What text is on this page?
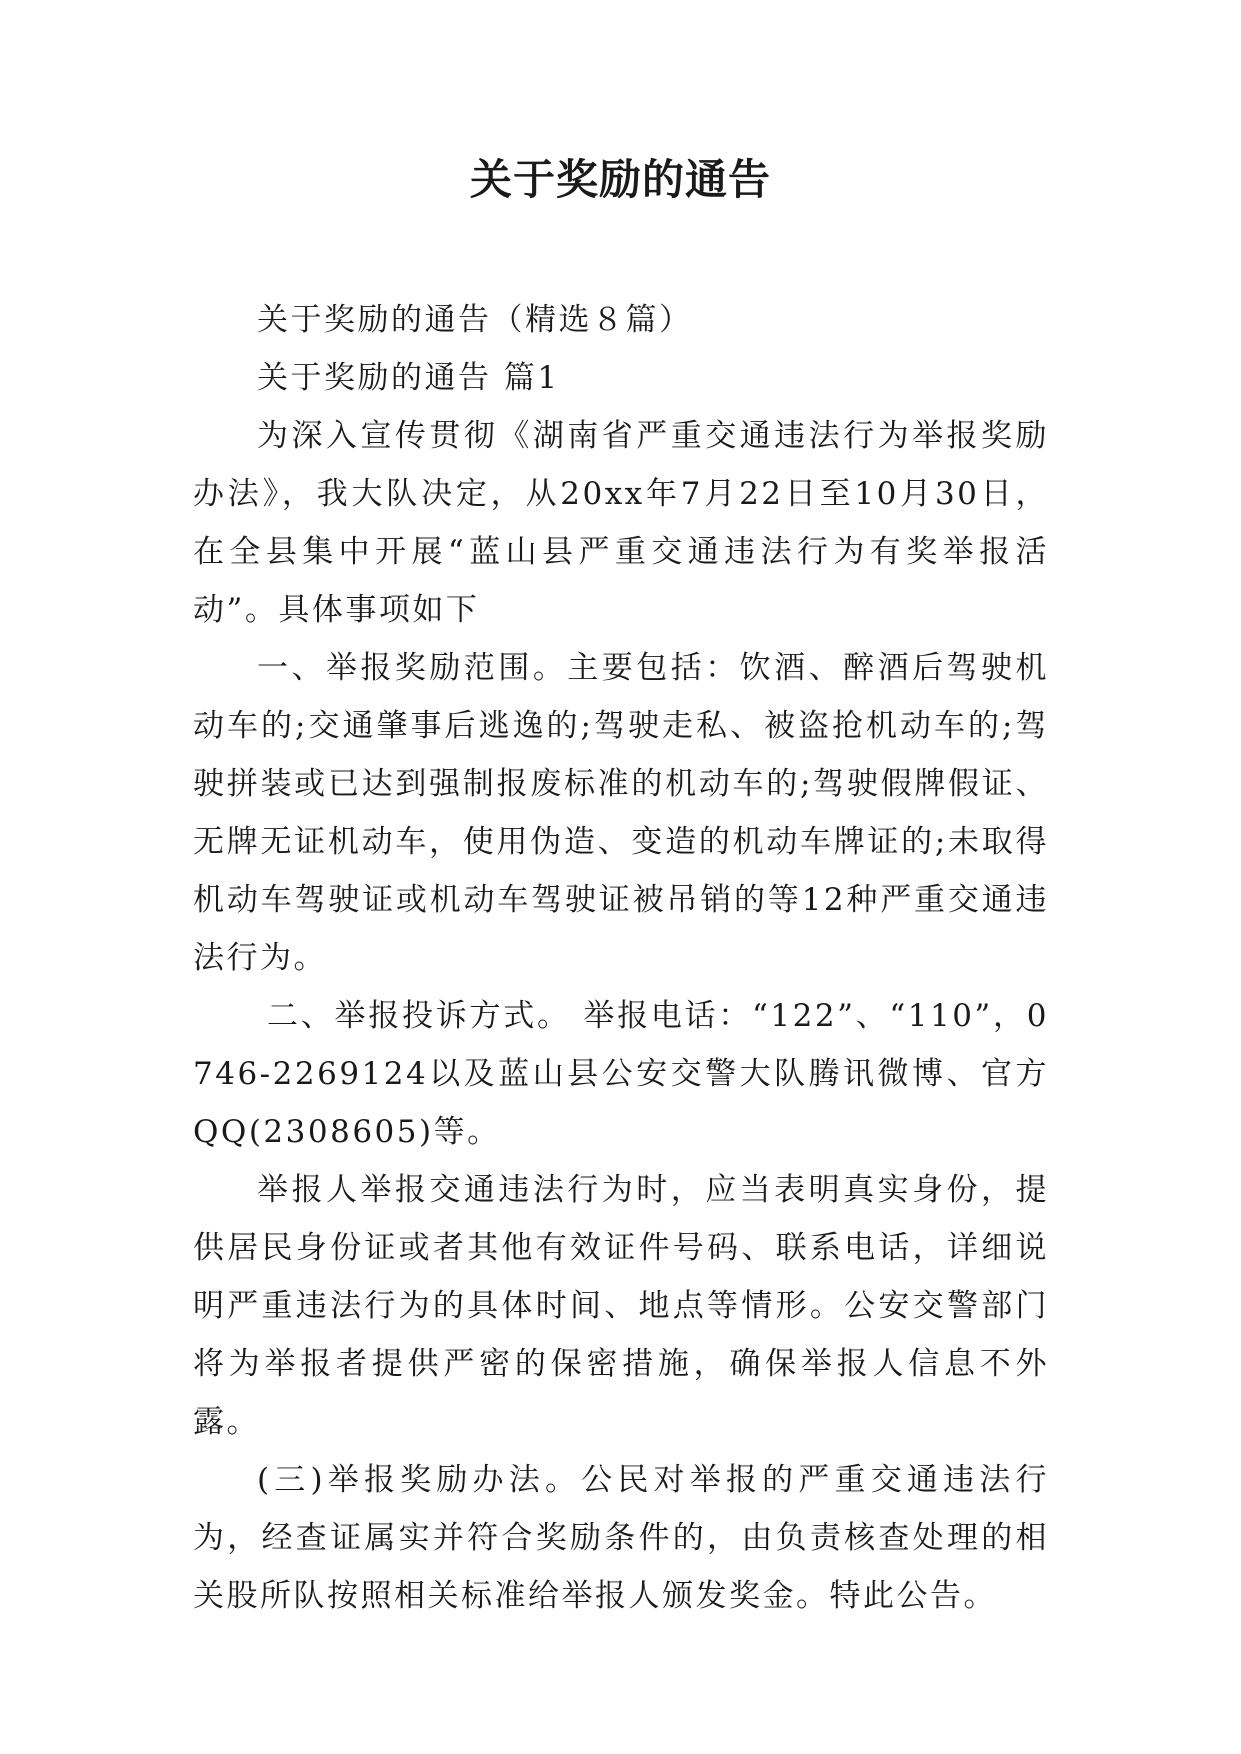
关于奖励的通告

关于奖励的通告（精选８篇）

关于奖励的通告 篇1

为深入宣传贯彻《湖南省严重交通违法行为举报奖励办法》，我大队决定，从20xx年7月22日至10月30日，在全县集中开展“蓝山县严重交通违法行为有奖举报活动”。具体事项如下

一、举报奖励范围。主要包括：饮酒、醉酒后驾驶机动车的;交通肇事后逃逸的;驾驶走私、被盗抢机动车的;驾驶拼装或已达到强制报废标准的机动车的;驾驶假牌假证、无牌无证机动车，使用伪造、变造的机动车牌证的;未取得机动车驾驶证或机动车驾驶证被吊销的等12种严重交通违法行为。

二、举报投诉方式。 举报电话：“122”、“110”，0746-2269124以及蓝山县公安交警大队腾讯微博、官方QQ(2308605)等。

举报人举报交通违法行为时，应当表明真实身份，提供居民身份证或者其他有效证件号码、联系电话，详细说明严重违法行为的具体时间、地点等情形。公安交警部门将为举报者提供严密的保密措施，确保举报人信息不外露。

(三)举报奖励办法。公民对举报的严重交通违法行为，经查证属实并符合奖励条件的，由负责核查处理的相关股所队按照相关标准给举报人颁发奖金。特此公告。
